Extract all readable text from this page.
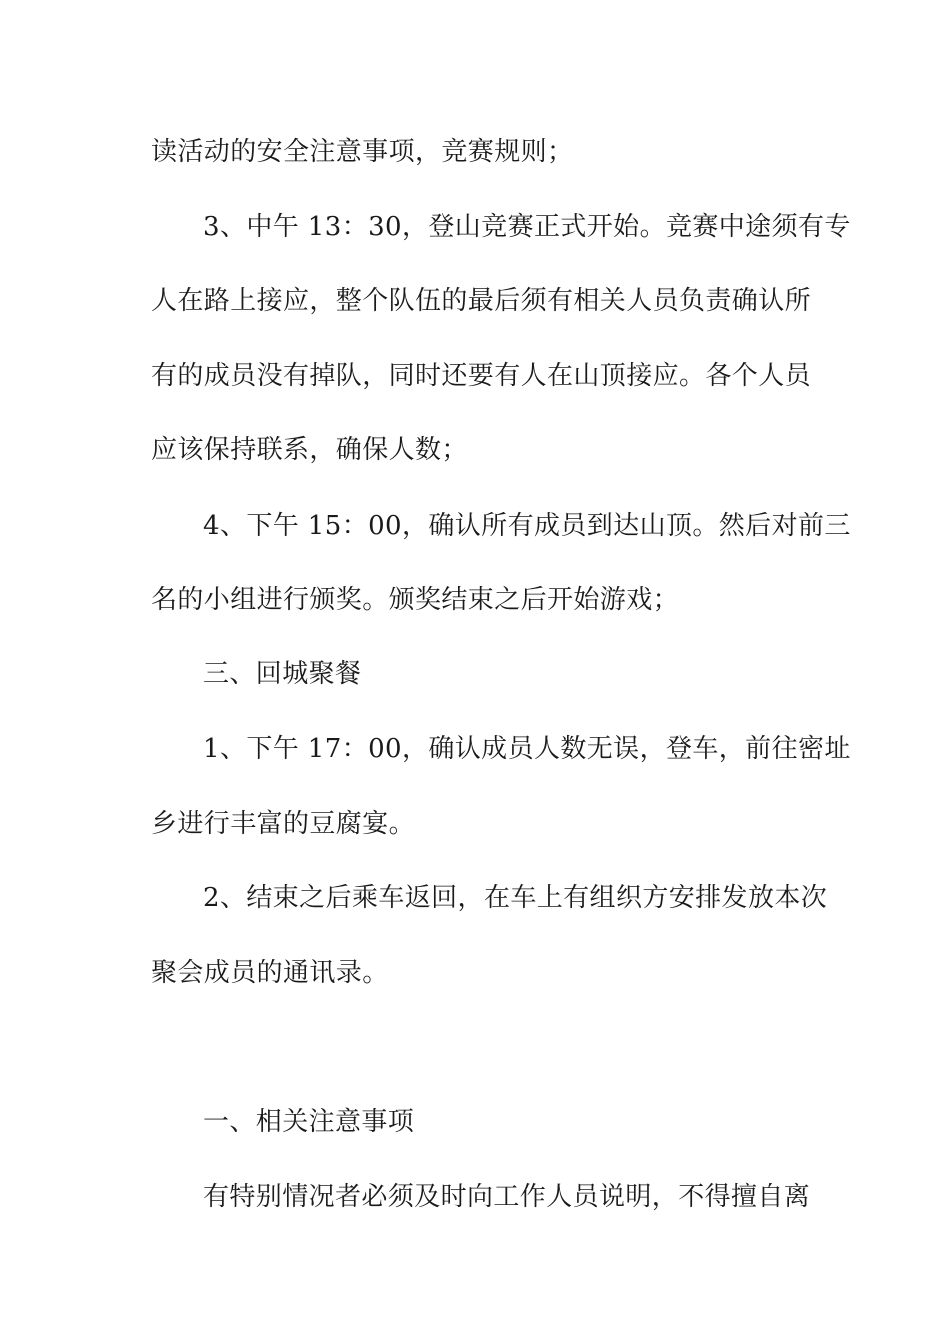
读活动的安全注意事项，竞赛规则；
3、中午 13：30，登山竞赛正式开始。竞赛中途须有专
人在路上接应，整个队伍的最后须有相关人员负责确认所
有的成员没有掉队，同时还要有人在山顶接应。各个人员
应该保持联系，确保人数；
4、下午 15：00，确认所有成员到达山顶。然后对前三
名的小组进行颁奖。颁奖结束之后开始游戏；
三、回城聚餐
1、下午 17：00，确认成员人数无误，登车，前往密址
乡进行丰富的豆腐宴。
2、结束之后乘车返回，在车上有组织方安排发放本次
聚会成员的通讯录。
一、相关注意事项
有特别情况者必须及时向工作人员说明，不得擅自离
